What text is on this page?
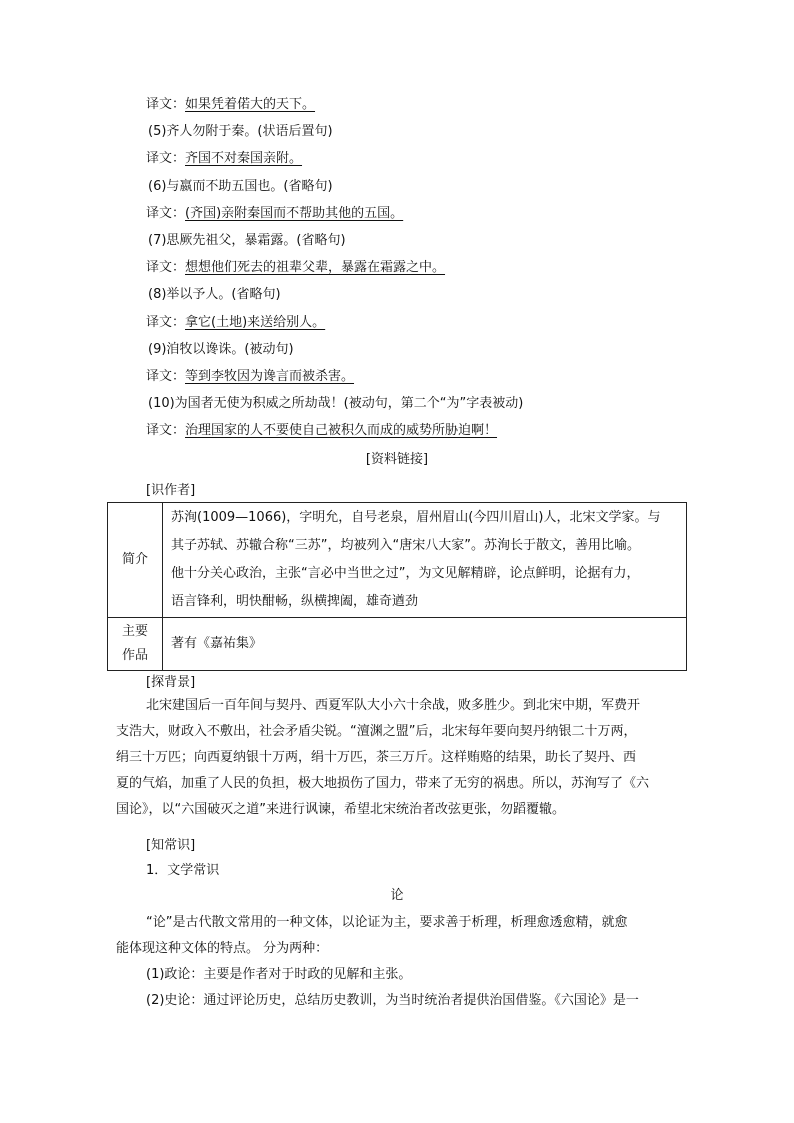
译文：如果凭着偌大的天下。
(5)齐人勿附于秦。(状语后置句)
译文：齐国不对秦国亲附。
(6)与嬴而不助五国也。(省略句)
译文：(齐国)亲附秦国而不帮助其他的五国。
(7)思厥先祖父，暴霜露。(省略句)
译文：想想他们死去的祖辈父辈，暴露在霜露之中。
(8)举以予人。(省略句)
译文：拿它(土地)来送给别人。
(9)洎牧以谗诛。(被动句)
译文：等到李牧因为谗言而被杀害。
(10)为国者无使为积威之所劫哉！(被动句，第二个“为”字表被动)
译文：治理国家的人不要使自己被积久而成的威势所胁迫啊！
[资料链接]
[识作者]
简介	苏洵(1009—1066)，字明允，自号老泉，眉州眉山(今四川眉山)人，北宋文学家。与
其子苏轼、苏辙合称“三苏”，均被列入“唐宋八大家”。苏洵长于散文，善用比喻。
他十分关心政治，主张“言必中当世之过”，为文见解精辟，论点鲜明，论据有力，
语言锋利，明快酣畅，纵横捭阖，雄奇遒劲

主要
作品	著有《嘉祐集》
[探背景]
北宋建国后一百年间与契丹、西夏军队大小六十余战，败多胜少。到北宋中期，军费开
支浩大，财政入不敷出，社会矛盾尖锐。“澶渊之盟”后，北宋每年要向契丹纳银二十万两，
绢三十万匹；向西夏纳银十万两，绢十万匹，茶三万斤。这样贿赂的结果，助长了契丹、西
夏的气焰，加重了人民的负担，极大地损伤了国力，带来了无穷的祸患。所以，苏洵写了《六
国论》，以“六国破灭之道”来进行讽谏，希望北宋统治者改弦更张，勿蹈覆辙。
[知常识]
1．文学常识
论
“论”是古代散文常用的一种文体，以论证为主，要求善于析理，析理愈透愈精，就愈
能体现这种文体的特点。 分为两种：
(1)政论：主要是作者对于时政的见解和主张。
(2)史论：通过评论历史，总结历史教训，为当时统治者提供治国借鉴。《六国论》是一
